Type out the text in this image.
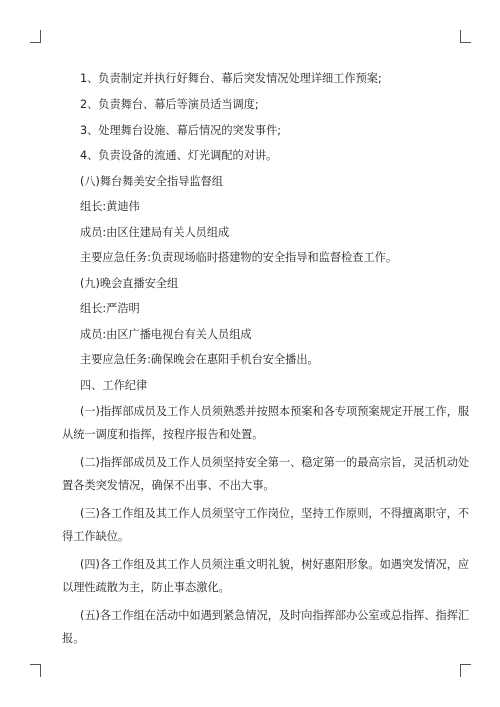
1、负责制定并执行好舞台、幕后突发情况处理详细工作预案;
2、负责舞台、幕后等演员适当调度;
3、处理舞台设施、幕后情况的突发事件;
4、负责设备的流通、灯光调配的对讲。
(八)舞台舞美安全指导监督组
组长:黄迪伟
成员:由区住建局有关人员组成
主要应急任务:负责现场临时搭建物的安全指导和监督检查工作。
(九)晚会直播安全组
组长:严浩明
成员:由区广播电视台有关人员组成
主要应急任务:确保晚会在惠阳手机台安全播出。
四、工作纪律
(一)指挥部成员及工作人员须熟悉并按照本预案和各专项预案规定开展工作，服
从统一调度和指挥，按程序报告和处置。
(二)指挥部成员及工作人员须坚持安全第一、稳定第一的最高宗旨，灵活机动处
置各类突发情况，确保不出事、不出大事。
(三)各工作组及其工作人员须坚守工作岗位，坚持工作原则，不得擅离职守，不
得工作缺位。
(四)各工作组及其工作人员须注重文明礼貌，树好惠阳形象。如遇突发情况，应
以理性疏散为主，防止事态激化。
(五)各工作组在活动中如遇到紧急情况，及时向指挥部办公室或总指挥、指挥汇
报。
